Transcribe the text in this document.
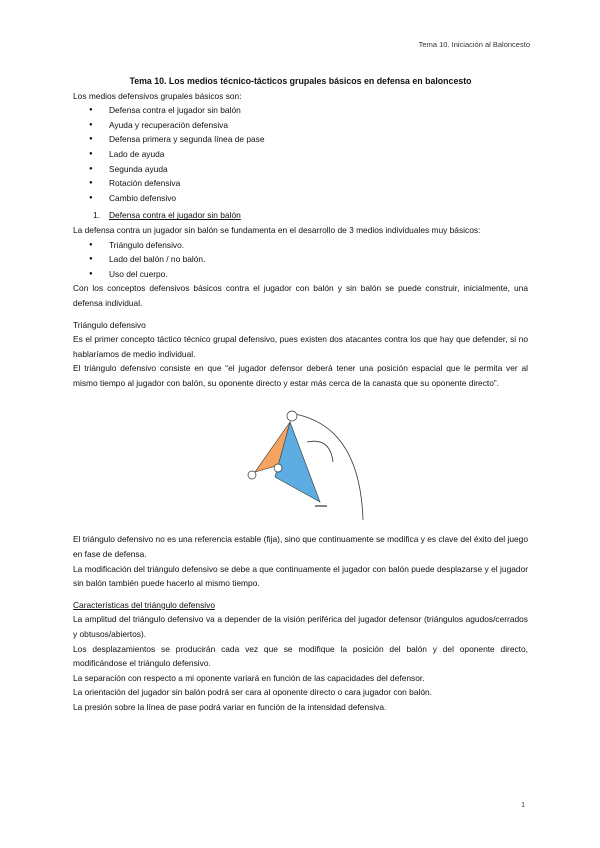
Tema 10. Iniciación al Baloncesto

Tema 10. Los medios técnico-tácticos grupales básicos en defensa en baloncesto

Los medios defensivos grupales básicos son:

● Defensa contra el jugador sin balón
● Ayuda y recuperación defensiva
● Defensa primera y segunda línea de pase
● Lado de ayuda
● Segunda ayuda
● Rotación defensiva
● Cambio defensivo

1. Defensa contra el jugador sin balón

La defensa contra un jugador sin balón se fundamenta en el desarrollo de 3 medios individuales muy básicos:

● Triángulo defensivo.
● Lado del balón / no balón.
● Uso del cuerpo.

Con los conceptos defensivos básicos contra el jugador con balón y sin balón se puede construir, inicialmente, una defensa individual.

Triángulo defensivo

Es el primer concepto táctico técnico grupal defensivo, pues existen dos atacantes contra los que hay que defender, si no hablaríamos de medio individual.

El triángulo defensivo consiste en que “el jugador defensor deberá tener una posición espacial que le permita ver al mismo tiempo al jugador con balón, su oponente directo y estar más cerca de la canasta que su oponente directo”.

El triángulo defensivo no es una referencia estable (fija), sino que continuamente se modifica y es clave del éxito del juego en fase de defensa.

La modificación del triángulo defensivo se debe a que continuamente el jugador con balón puede desplazarse y el jugador sin balón también puede hacerlo al mismo tiempo.

Características del triángulo defensivo

La amplitud del triángulo defensivo va a depender de la visión periférica del jugador defensor (triángulos agudos/cerrados y obtusos/abiertos).

Los desplazamientos se producirán cada vez que se modifique la posición del balón y del oponente directo, modificándose el triángulo defensivo.

La separación con respecto a mi oponente variará en función de las capacidades del defensor.

La orientación del jugador sin balón podrá ser cara al oponente directo o cara jugador con balón.

La presión sobre la línea de pase podrá variar en función de la intensidad defensiva.

1
